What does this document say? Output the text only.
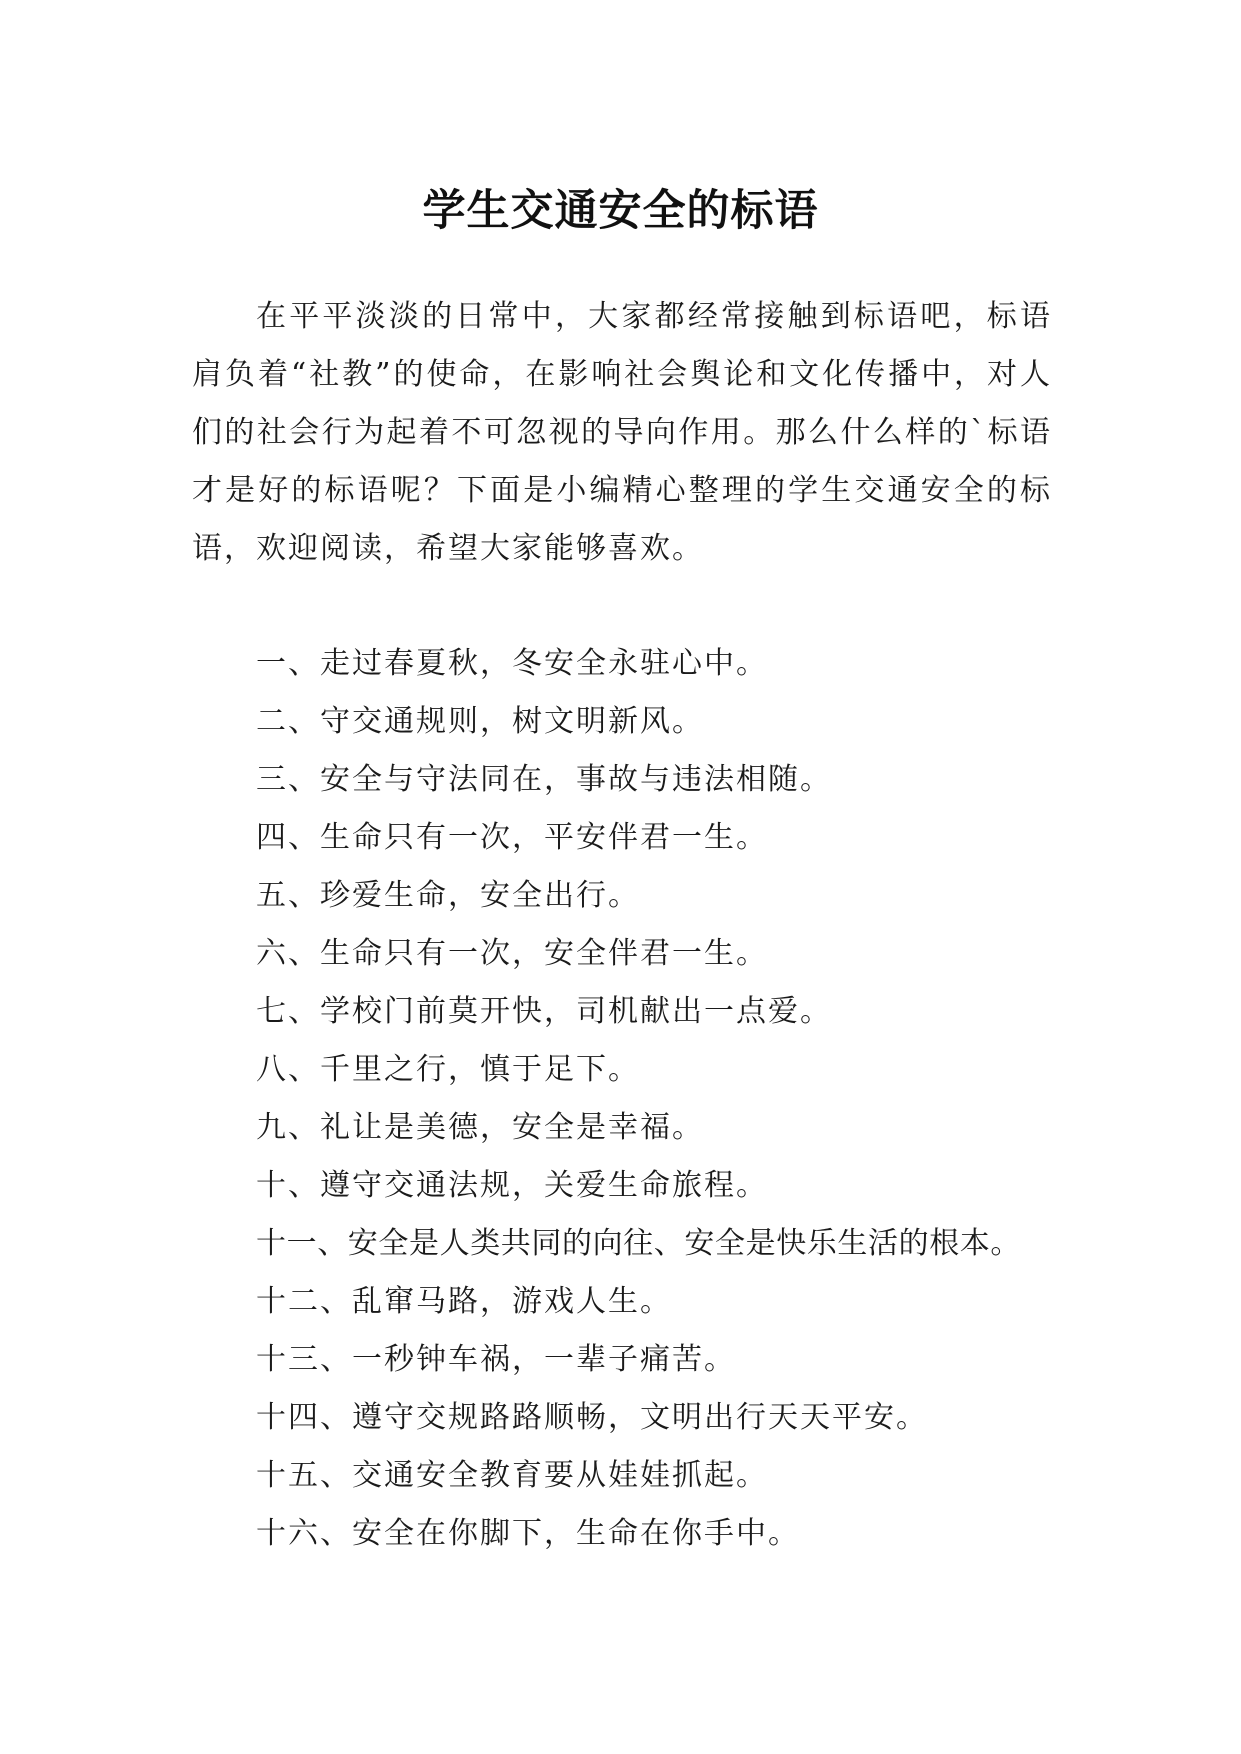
学生交通安全的标语

在平平淡淡的日常中，大家都经常接触到标语吧，标语肩负着“社教”的使命，在影响社会舆论和文化传播中，对人们的社会行为起着不可忽视的导向作用。那么什么样的`标语才是好的标语呢？下面是小编精心整理的学生交通安全的标语，欢迎阅读，希望大家能够喜欢。

一、走过春夏秋，冬安全永驻心中。
二、守交通规则，树文明新风。
三、安全与守法同在，事故与违法相随。
四、生命只有一次，平安伴君一生。
五、珍爱生命，安全出行。
六、生命只有一次，安全伴君一生。
七、学校门前莫开快，司机献出一点爱。
八、千里之行，慎于足下。
九、礼让是美德，安全是幸福。
十、遵守交通法规，关爱生命旅程。
十一、安全是人类共同的向往、安全是快乐生活的根本。
十二、乱窜马路，游戏人生。
十三、一秒钟车祸，一辈子痛苦。
十四、遵守交规路路顺畅，文明出行天天平安。
十五、交通安全教育要从娃娃抓起。
十六、安全在你脚下，生命在你手中。
